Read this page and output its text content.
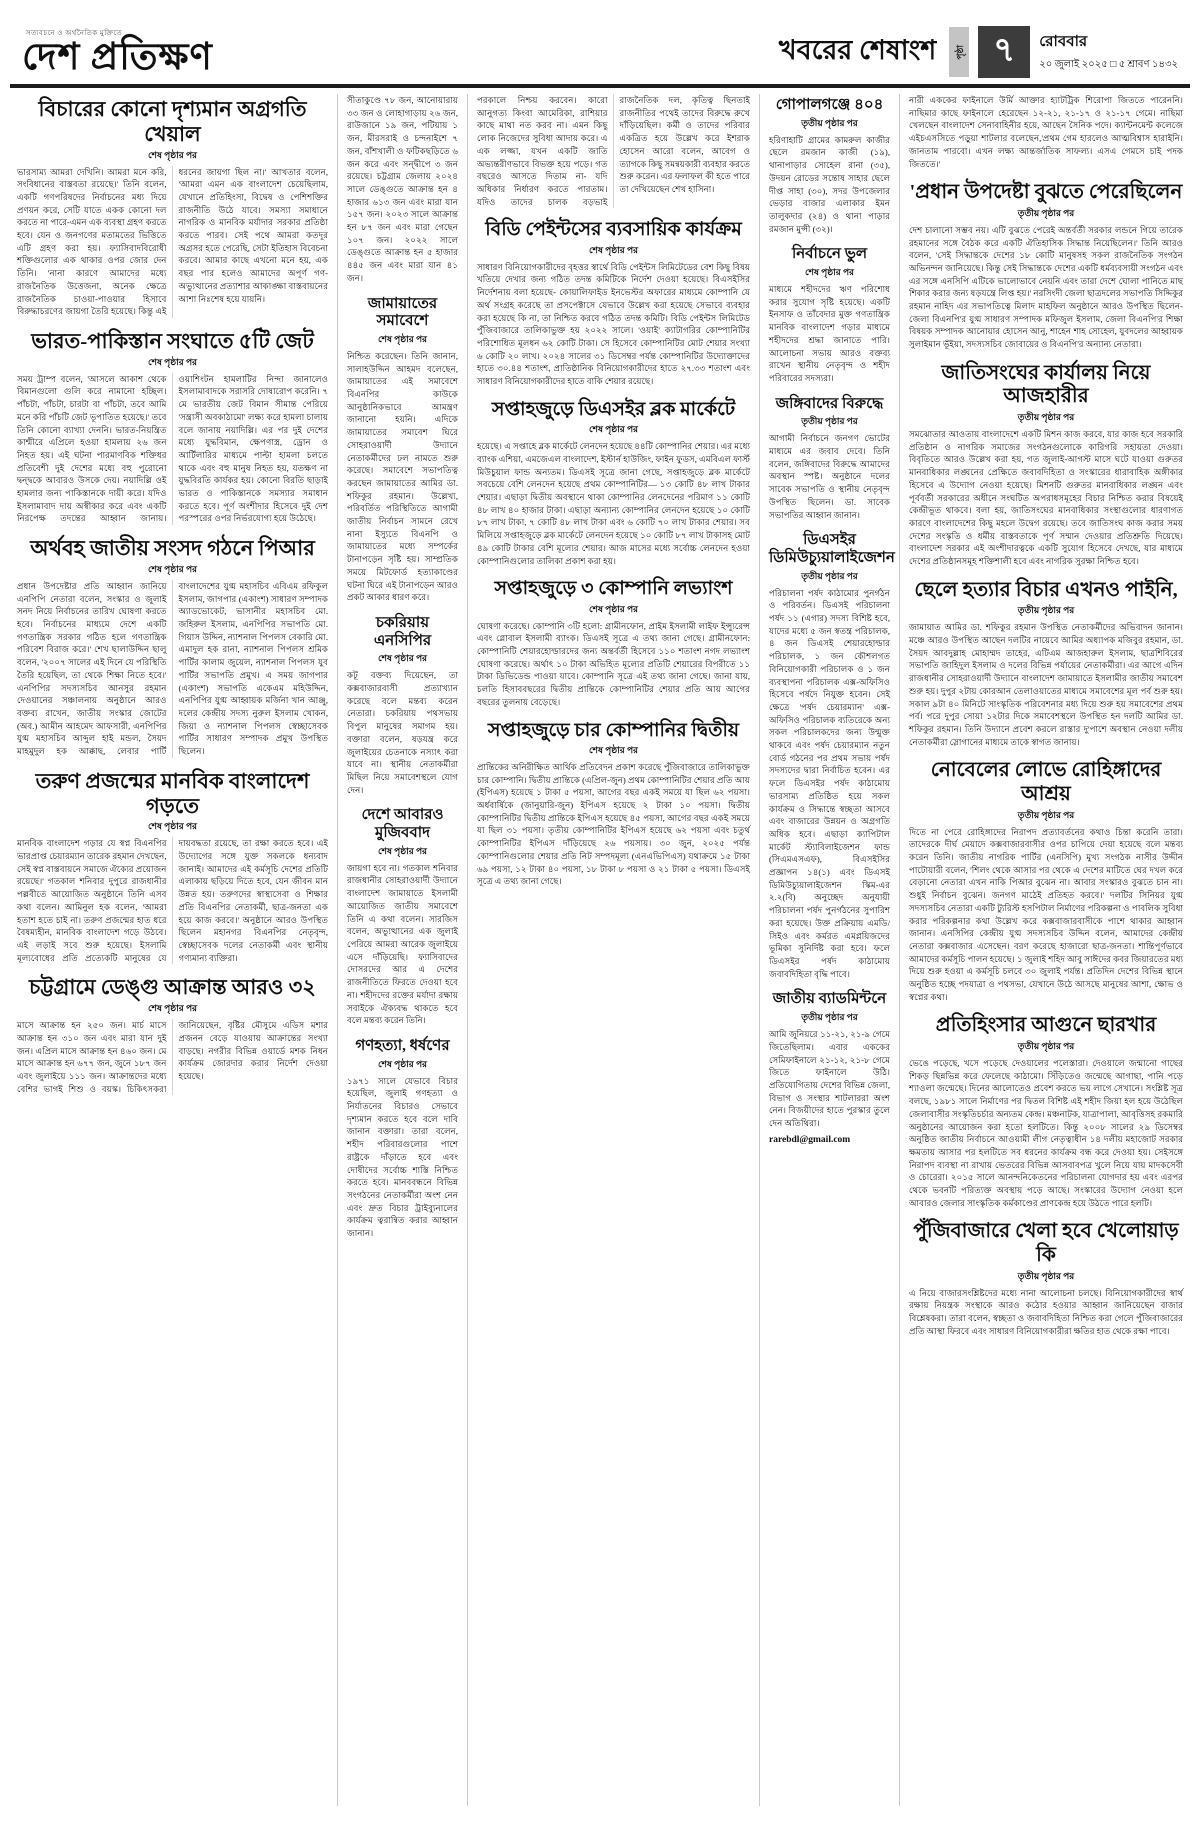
সত্যবচনে ও অর্থনৈতিক মুক্তিতে
দেশ প্রতিক্ষণ	খবরের শেষাংশ	পৃষ্ঠা ৭	রোববার
২০ জুলাই ২০২৫ □ ৫ শ্রাবণ ১৪৩২
বিচারের কোনো দৃশ্যমান অগ্রগতি খেয়াল
শেষ পৃষ্ঠার পর
ভারসাম্য আমরা দেখিনি। আমরা মনে করি, সংবিধানের বাস্তবতা রয়েছে।' তিনি বলেন, একটি গণপরিষদের নির্বাচনের মধ্য দিয়ে প্রণয়ন করে, সেটি যাতে একক কোনো দল করতে না পারে-এমন এক ব্যবস্থা গ্রহণ করতে হবে। যেন ও জনগণের মতামতের ভিত্তিতে এটি গ্রহণ করা হয়। ফ্যাসিবাদবিরোধী শক্তিগুলোর এক থাকার ওপর জোর দেন তিনি। 'নানা কারণে আমাদের মধ্যে রাজনৈতিক উত্তেজনা, অনেক ক্ষেত্রে রাজনৈতিক চাওয়া-পাওয়ার হিসাবে বিরুদ্ধাচরণের জায়গা তৈরি হয়েছে। কিন্তু এই ধরনের জায়গা ছিল না।' আখতার বলেন, 'আমরা এমন এক বাংলাদেশ চেয়েছিলাম, যেখানে প্রতিহিংসা, বিদ্বেষ ও পেশিশক্তির রাজনীতি উঠে যাবে। সমস্যা সমাধানে নাগরিক ও মানবিক মর্যাদার সরকার প্রতিষ্ঠা করতে পারব। সেই পথে আমরা কতদূর অগ্রসর হতে পেরেছি, সেটা ইতিহাস বিবেচনা করবে। আমার কাছে এখনো মনে হয়, এক বছর পার হলেও আমাদের অপূর্ণ গণ-অভ্যুত্থানের প্রত্যাশার আকাঙ্ক্ষা বাস্তবায়নের আশা নিঃশেষ হয়ে যায়নি।
ভারত-পাকিস্তান সংঘাতে ৫টি জেট
শেষ পৃষ্ঠার পর
সময় ট্রাম্প বলেন, 'আসলে আকাশ থেকে বিমানগুলো গুলি করে নামানো হচ্ছিল। পাঁচটা, পাঁচটা, চারটা বা পাঁচটা, তবে আমি মনে করি পাঁচটি জেট ভূপাতিত হয়েছে।' তবে তিনি কোনো ব্যাখ্যা দেননি। ভারত-নিয়ন্ত্রিত কাশ্মীরে এপ্রিলে হওয়া হামলায় ২৬ জন নিহত হয়। এই ঘটনা পারমাণবিক শক্তিধর প্রতিবেশী দুই দেশের মধ্যে বহু পুরোনো দ্বন্দ্বকে আবারও উসকে দেয়। নয়াদিল্লি ওই হামলার জন্য পাকিস্তানকে দায়ী করে। যদিও ইসলামাবাদ দায় অস্বীকার করে এবং একটি নিরপেক্ষ তদন্তের আহ্বান জানায়। ওয়াশিংটন হামলাটির নিন্দা জানালেও ইসলামাবাদকে সরাসরি দোষারোপ করেনি। ৭ মে ভারতীয় জেট বিমান সীমান্ত পেরিয়ে 'সন্ত্রাসী অবকাঠামো' লক্ষ্য করে হামলা চালায় বলে জানায় নয়াদিল্লি। এর পর দুই দেশের মধ্যে যুদ্ধবিমান, ক্ষেপণাস্ত্র, ড্রোন ও আর্টিলারির মাধ্যমে পাল্টা হামলা চলতে থাকে এবং বহু মানুষ নিহত হয়, যতক্ষণ না যুদ্ধবিরতি কার্যকর হয়। কোনো বিরতি ছাড়াই ভারত ও পাকিস্তানকে সমস্যার সমাধান করতে হবে। পূর্ণ অংশীদার হিসেবে দুই দেশ পরস্পরের ওপর নির্ভরযোগ্য হয়ে উঠেছে।
অর্থবহ জাতীয় সংসদ গঠনে পিআর
শেষ পৃষ্ঠার পর
প্রধান উপদেষ্টার প্রতি আহ্বান জানিয়ে এনপিপি নেতারা বলেন, সংস্কার ও জুলাই সনদ নিয়ে নির্বাচনের তারিখ ঘোষণা করতে হবে। নির্বাচনের মাধ্যমে দেশে একটি গণতান্ত্রিক সরকার গঠিত হলে গণতান্ত্রিক পরিবেশ বিরাজ করে।' শেখ ছালাউদ্দিন ছালু বলেন, '২০০৭ সালের এই দিনে যে পরিস্থিতি তৈরি হয়েছিল, তা থেকে শিক্ষা নিতে হবে।' এনপিপির সদস্যসচিব আনসুর রহমান দেওয়ানের সঞ্চালনায় অনুষ্ঠানে আরও বক্তব্য রাখেন, জাতীয় সংস্কার জোটের (অব.) আমীন আহমেদ আফসারী, এনপিপির যুগ্ম মহাসচিব আব্দুল হাই মন্ডল, সৈয়দ মাহমুদুল হক আক্কাছ, লেবার পার্টি বাংলাদেশের যুগ্ম মহাসচিব এবিএম রফিকুল ইসলাম, জাগপার (একাংশ) সাধারণ সম্পাদক অ্যাডভোকেট, ভাসানীর মহাসচিব মো. জহিরুল ইসলাম, এনপিপির সভাপতি মো. গিয়াস উদ্দিন, ন্যাশনাল পিপলস বেকারি মো. এমাদুল হক রানা, ন্যাশনাল পিপলস শ্রমিক পার্টির কালাম জুয়েল, ন্যাশনাল পিপলস যুব পার্টির সভাপতি প্রমুখ। এ সময় জাগপার (একাংশ) সভাপতি একেএম মহিউদ্দিন, এনপিপির যুগ্ম আহ্বায়ক মর্জিনা খান আঞ্জু, দলের কেন্দ্রীয় সদস্য নুরুল ইসলাম খোকন, জিয়া ও ন্যাশনাল পিপলস স্বেচ্ছাসেবক পার্টির সাধারণ সম্পাদক প্রমুখ উপস্থিত ছিলেন।
তরুণ প্রজন্মের মানবিক বাংলাদেশ গড়তে
শেষ পৃষ্ঠার পর
মানবিক বাংলাদেশ গড়ার যে স্বপ্ন বিএনপির ভারপ্রাপ্ত চেয়ারম্যান তারেক রহমান দেখছেন, সেই স্বপ্ন বাস্তবায়নে সমাজে ঐক্যের প্রয়োজন রয়েছে।' গতকাল শনিবার দুপুরে রাজধানীর পল্লবীতে আয়োজিত অনুষ্ঠানে তিনি এসব কথা বলেন। আমিনুল হক বলেন, 'আমরা হতাশ হতে চাই না। তরুণ প্রজন্মের হাত ধরে বৈষম্যহীন, মানবিক বাংলাদেশ গড়ে উঠবে। এই লড়াই সবে শুরু হয়েছে। ইসলামি মূল্যবোধের প্রতি প্রত্যেকটি মানুষের যে দায়বদ্ধতা রয়েছে, তা রক্ষা করতে হবে। এই উদ্যোগের সঙ্গে যুক্ত সকলকে ধন্যবাদ জানাই। আমাদের এই কর্মসূচি দেশের প্রতিটি এলাকায় ছড়িয়ে দিতে হবে, যেন জীবন মান উন্নত হয়। তরুণদের স্বাস্থ্যসেবা ও শিক্ষার প্রতি বিএনপির নেতাকর্মী, ছাত্র-জনতা এক হয়ে কাজ করবে।' অনুষ্ঠানে আরও উপস্থিত ছিলেন মহানগর বিএনপির নেতৃবৃন্দ, স্বেচ্ছাসেবক দলের নেতাকর্মী এবং স্থানীয় গণ্যমান্য ব্যক্তিরা।
চট্টগ্রামে ডেঙ্গু আক্রান্ত আরও ৩২
শেষ পৃষ্ঠার পর
মাসে আক্রান্ত হন ২৫০ জন। মার্চ মাসে আক্রান্ত হন ৩১০ জন এবং মারা যান দুই জন। এপ্রিল মাসে আক্রান্ত হন ৪৬০ জন। মে মাসে আক্রান্ত হন ৬৭৭ জন, জুনে ১৮৭ জন এবং জুলাইয়ে ১১১ জন। আক্রান্তদের মধ্যে বেশির ভাগই শিশু ও বয়স্ক। চিকিৎসকরা জানিয়েছেন, বৃষ্টির মৌসুমে এডিস মশার প্রজনন বেড়ে যাওয়ায় আক্রান্তের সংখ্যা বাড়ছে। নগরীর বিভিন্ন ওয়ার্ডে মশক নিধন কার্যক্রম জোরদার করার নির্দেশ দেওয়া হয়েছে।
সীতাকুণ্ডে ৭৮ জন, আনোয়ারায় ৩৩ জন ও লোহাগাড়ায় ২৬ জন, রাউজানে ১৯ জন, পটিয়ায় ১ জন, মীরসরাই ও চন্দনাইশে ৭ জন, বাঁশখালী ও ফটিকছড়িতে ৬ জন করে এবং সন্দ্বীপে ৩ জন রয়েছে। চট্টগ্রাম জেলায় ২০২৪ সালে ডেঙ্গুতে আক্রান্ত হন ৪ হাজার ৬১৩ জন এবং মারা যান ১৫৭ জন। ২০২৩ সালে আক্রান্ত হন ৮৭ জন এবং মারা গেছেন ১০৭ জন। ২০২২ সালে ডেঙ্গুতে আক্রান্ত হন ৫ হাজার ৪৪৫ জন এবং মারা যান ৪১ জন।
জামায়াতের সমাবেশে
শেষ পৃষ্ঠার পর
নিশ্চিত করেছেন। তিনি জানান, সালাহউদ্দিন আহমদ বলেছেন, জামায়াতের এই সমাবেশে বিএনপির কাউকে আনুষ্ঠানিকভাবে আমন্ত্রণ জানানো হয়নি। এদিকে জামায়াতের সমাবেশ ঘিরে সোহরাওয়ার্দী উদ্যানে নেতাকর্মীদের ঢল নামতে শুরু করেছে। সমাবেশে সভাপতিত্ব করছেন জামায়াতের আমির ডা. শফিকুর রহমান। উল্লেখ্য, পরিবর্তিত পরিস্থিতিতে আগামী জাতীয় নির্বাচন সামনে রেখে নানা ইস্যুতে বিএনপি ও জামায়াতের মধ্যে সম্পর্কের টানাপড়েন সৃষ্টি হয়। সাম্প্রতিক সময়ে মিটফোর্ড হত্যাকাণ্ডের ঘটনা ঘিরে এই টানাপড়েন আরও প্রকট আকার ধারণ করে।
চকরিয়ায় এনসিপির
শেষ পৃষ্ঠার পর
কটূ বক্তব্য দিয়েছেন, তা কক্সবাজারবাসী প্রত্যাখ্যান করেছে বলে মন্তব্য করেন নেতারা। চকরিয়ায় পথসভায় বিপুল মানুষের সমাগম হয়। বক্তারা বলেন, ষড়যন্ত্র করে জুলাইয়ের চেতনাকে নস্যাৎ করা যাবে না। স্থানীয় নেতাকর্মীরা মিছিল নিয়ে সমাবেশস্থলে যোগ দেন।
দেশে আবারও মুজিববাদ
শেষ পৃষ্ঠার পর
জায়গা হবে না। গতকাল শনিবার রাজধানীর সোহরাওয়ার্দী উদ্যানে বাংলাদেশ জামায়াতে ইসলামী আয়োজিত জাতীয় সমাবেশে তিনি এ কথা বলেন। সারজিস বলেন, অভ্যুত্থানের এক জুলাই পেরিয়ে আমরা আরেক জুলাইয়ে এসে দাঁড়িয়েছি। ফ্যাসিবাদের দোসরদের আর এ দেশের রাজনীতিতে ফিরতে দেওয়া হবে না। শহীদদের রক্তের মর্যাদা রক্ষায় সবাইকে ঐক্যবদ্ধ থাকতে হবে বলে মন্তব্য করেন তিনি।
গণহত্যা, ধর্ষণের
শেষ পৃষ্ঠার পর
১৯৭১ সালে যেভাবে বিচার হয়েছিল, জুলাই গণহত্যা ও নির্যাতনের বিচারও সেভাবে দৃশ্যমান করতে হবে বলে দাবি জানান বক্তারা। তারা বলেন, শহীদ পরিবারগুলোর পাশে রাষ্ট্রকে দাঁড়াতে হবে এবং দোষীদের সর্বোচ্চ শাস্তি নিশ্চিত করতে হবে। মানববন্ধনে বিভিন্ন সংগঠনের নেতাকর্মীরা অংশ নেন এবং দ্রুত বিচার ট্রাইব্যুনালের কার্যক্রম ত্বরান্বিত করার আহ্বান জানান।
পরকালে নিশ্চয় করবেন। কারো আনুগত্য কিংবা আমেরিকা, রাশিয়ার কাছে মাথা নত করব না। এমন কিছু লোক নিজেদের সুবিধা আদায় করে। এ এক লজ্জা, যখন একটি জাতি অভ্যন্তরীণভাবে বিভক্ত হয়ে পড়ে। গত বছরেও আসতে দিতাম না- যদি অধিকার নির্ধারণ করতে পারতাম। যদিও তাদের চালক বড়ভাই রাজনৈতিক দল, কৃতিত্ব ছিনতাই রাজনীতির পথেই তাদের বিরুদ্ধে রুখে দাঁড়িয়েছিল। কর্মী ও তাদের পরিবার একত্রিত হয়ে উল্লেখ করে ইশরাক হোসেন আরো বলেন, আবেগ ও ত্যাগকে কিছু সমন্বয়কারী ব্যবহার করতে শুরু করেন। এর ফলাফল কী হতে পারে তা দেখিয়েছেন শেখ হাসিনা।
বিডি পেইন্টসের ব্যবসায়িক কার্যক্রম
শেষ পৃষ্ঠার পর
সাধারণ বিনিয়োগকারীদের বৃহত্তর স্বার্থে বিডি পেইন্টস লিমিটেডের বেশ কিছু বিষয় খতিয়ে দেখার জন্য গঠিত তদন্ত কমিটিকে নির্দেশ দেওয়া হয়েছে। বিএসইসির নির্দেশনায় বলা হয়েছে- কোয়ালিফাইড ইনভেস্টর অফারের মাধ্যমে কোম্পানি যে অর্থ সংগ্রহ করেছে তা প্রসপেক্টাসে যেভাবে উল্লেখ করা হয়েছে সেভাবে ব্যবহার করা হয়েছে কি না, তা নিশ্চিত করবে গঠিত তদন্ত কমিটি। বিডি পেইন্টস লিমিটেড পুঁজিবাজারে তালিকাভুক্ত হয় ২০২২ সালে। 'ওয়াই' ক্যাটাগরির কোম্পানিটির পরিশোধিত মূলধন ৬২ কোটি টাকা। সে হিসেবে কোম্পানিটির মোট শেয়ার সংখ্যা ৬ কোটি ২০ লাখ। ২০২৪ সালের ৩১ ডিসেম্বর পর্যন্ত কোম্পানিটির উদ্যোক্তাদের হাতে ৩০.৪৪ শতাংশ, প্রাতিষ্ঠানিক বিনিয়োগকারীদের হাতে ২৭.৩৩ শতাংশ এবং সাধারণ বিনিয়োগকারীদের হাতে বাকি শেয়ার রয়েছে।
সপ্তাহজুড়ে ডিএসইর ব্লক মার্কেটে
শেষ পৃষ্ঠার পর
হয়েছে। এ সপ্তাহে ব্লক মার্কেটে লেনদেন হয়েছে ৪৪টি কোম্পানির শেয়ার। এর মধ্যে ব্যাংক এশিয়া, এমজেএল বাংলাদেশ, ইস্টার্ন হাউজিং, ফাইন ফুডস, এমবিএল ফার্স্ট মিউচুয়াল ফান্ড অন্যতম। ডিএসই সূত্রে জানা গেছে, সপ্তাহজুড়ে ব্লক মার্কেটে সবচেয়ে বেশি লেনদেন হয়েছে প্রথম কোম্পানিটির— ১৩ কোটি ৪৮ লাখ টাকার শেয়ার। এছাড়া দ্বিতীয় অবস্থানে থাকা কোম্পানির লেনদেনের পরিমাণ ১১ কোটি ৪৮ লাখ ৪০ হাজার টাকা। এছাড়া অন্যান্য কোম্পানির লেনদেন হয়েছে ১০ কোটি ৮৭ লাখ টাকা, ৭ কোটি ৪৮ লাখ টাকা এবং ৬ কোটি ৭০ লাখ টাকার শেয়ার। সব মিলিয়ে সপ্তাহজুড়ে ব্লক মার্কেটে লেনদেন হয়েছে ১০ কোটি ৮৭ লাখ টাকাসহ মোট ৪৯ কোটি টাকার বেশি মূল্যের শেয়ার। আজ মাসের মধ্যে সর্বোচ্চ লেনদেন হওয়া কোম্পানিগুলোর তালিকা প্রকাশ করা হয়।
সপ্তাহজুড়ে ৩ কোম্পানি লভ্যাংশ
শেষ পৃষ্ঠার পর
ঘোষণা করেছে। কোম্পানি ৩টি হলো: গ্রামীনফোন, প্রাইম ইসলামী লাইফ ইন্স্যুরেন্স এবং গ্লোবাল ইসলামী ব্যাংক। ডিএসই সূত্রে এ তথ্য জানা গেছে। গ্রামীনফোন: কোম্পানিটি শেয়ারহোল্ডারদের জন্য অন্তর্বর্তী হিসেবে ১১০ শতাংশ নগদ লভ্যাংশ ঘোষণা করেছে। অর্থাৎ ১০ টাকা অভিহিত মূল্যের প্রতিটি শেয়ারের বিপরীতে ১১ টাকা ডিভিডেন্ড পাওয়া যাবে। কোম্পানি সূত্রে এই তথ্য জানা গেছে। জানা যায়, চলতি হিসাববছরের দ্বিতীয় প্রান্তিকে কোম্পানিটির শেয়ার প্রতি আয় আগের বছরের তুলনায় বেড়েছে।
সপ্তাহজুড়ে চার কোম্পানির দ্বিতীয়
শেষ পৃষ্ঠার পর
প্রান্তিকের অনিরীক্ষিত আর্থিক প্রতিবেদন প্রকাশ করেছে পুঁজিবাজারে তালিকাভুক্ত চার কোম্পানি। দ্বিতীয় প্রান্তিকে (এপ্রিল-জুন) প্রথম কোম্পানিটির শেয়ার প্রতি আয় (ইপিএস) হয়েছে ১ টাকা ৫ পয়সা, আগের বছর একই সময়ে যা ছিল ৬২ পয়সা। অর্ধবার্ষিকে (জানুয়ারি-জুন) ইপিএস হয়েছে ২ টাকা ১০ পয়সা। দ্বিতীয় কোম্পানিটির দ্বিতীয় প্রান্তিকে ইপিএস হয়েছে ৪৫ পয়সা, আগের বছর একই সময়ে যা ছিল ৩১ পয়সা। তৃতীয় কোম্পানিটির ইপিএস হয়েছে ৬২ পয়সা এবং চতুর্থ কোম্পানিটির ইপিএস দাঁড়িয়েছে ২৬ পয়সায়। ৩০ জুন, ২০২৫ পর্যন্ত কোম্পানিগুলোর শেয়ার প্রতি নিট সম্পদমূল্য (এনএভিপিএস) যথাক্রমে ১৫ টাকা ৬৯ পয়সা, ১২ টাকা ৪০ পয়সা, ১৮ টাকা ৮ পয়সা ও ২১ টাকা ৫ পয়সা। ডিএসই সূত্রে এ তথ্য জানা গেছে।
গোপালগঞ্জে ৪০৪
তৃতীয় পৃষ্ঠার পর
হরিণাহাটি গ্রামের কামরুল কাজীর ছেলে রমজান কাজী (১৯), থানাপাড়ার সোহেল রানা (৩৫), উদয়ন রোডের সন্তোষ সাহার ছেলে দীপ্ত সাহা (৩০), সদর উপজেলার ভেড়ার বাজার এলাকার ইমন তালুকদার (২৪) ও থানা পাড়ার রমজান মুন্সী (৩২)।
নির্বাচনে ভুল
শেষ পৃষ্ঠার পর
মাধ্যমে শহীদদের ঋণ পরিশোধ করার সুযোগ সৃষ্টি হয়েছে। একটি ইনসাফ ও তাঁবেদার মুক্ত গণতান্ত্রিক মানবিক বাংলাদেশ গড়ার মাধ্যমে শহীদদের শ্রদ্ধা জানাতে পারি। আলোচনা সভায় আরও বক্তব্য রাখেন স্থানীয় নেতৃবৃন্দ ও শহীদ পরিবারের সদস্যরা।
জঙ্গিবাদের বিরুদ্ধে
তৃতীয় পৃষ্ঠার পর
আগামী নির্বাচনে জনগণ ভোটের মাধ্যমে এর জবাব দেবে। তিনি বলেন, জঙ্গিবাদের বিরুদ্ধে আমাদের অবস্থান স্পষ্ট। অনুষ্ঠানে দলের সাবেক সভাপতি ও স্থানীয় নেতৃবৃন্দ উপস্থিত ছিলেন। ডা. সাবেক সভাপতির আহ্বান জানান।
ডিএসইর ডিমিউচ্যুয়ালাইজেশন
তৃতীয় পৃষ্ঠার পর
পরিচালনা পর্ষদ কাঠামোর পুনর্গঠন ও পরিবর্তন। ডিএসই পরিচালনা পর্ষদ ১১ (এগার) সদস্য বিশিষ্ট হবে, যাদের মধ্যে ৫ জন স্বতন্ত্র পরিচালক, ৪ জন ডিএসই শেয়ারহোল্ডার পরিচালক, ১ জন কৌশলগত বিনিয়োগকারী পরিচালক ও ১ জন ব্যবস্থাপনা পরিচালক এক্স-অফিসিও হিসেবে পর্ষদে নিযুক্ত হবেন। সেই ক্ষেত্রে 'পর্ষদ চেয়ারম্যান' এক্স-অফিসিও পরিচালক ব্যতিরেকে অন্য সকল পরিচালকদের জন্য উন্মুক্ত থাকবে এবং পর্ষদ চেয়ারম্যান নতুন বোর্ড গঠনের পর প্রথম সভায় পর্ষদ সদস্যদের দ্বারা নির্বাচিত হবেন। এর ফলে ডিএসইর পর্ষদ কাঠামোয় ভারসাম্য প্রতিষ্ঠিত হয়ে সকল কার্যক্রম ও সিদ্ধান্তে স্বচ্ছতা আসবে এবং বাজারের উন্নয়ন ও অগ্রগতি অধিক হবে। এছাড়া ক্যাপিটাল মার্কেট স্ট্যাবিলাইজেশন ফান্ড (সিএমএসএফ), বিএসইসির প্রজ্ঞাপন ১৪(১) এবং ডিএসই ডিমিউচ্যুয়ালাইজেশন স্কিম-এর ২.২(বি) অনুচ্ছেদ অনুযায়ী পরিচালনা পর্ষদ পুনর্গঠনের সুপারিশ করা হয়েছে। উক্ত প্রক্রিয়ায় এমডি/সিইও এবং কর্মরত এমপ্লয়িজদের ভূমিকা সুনির্দিষ্ট করা হবে। ফলে ডিএসইর পর্ষদ কাঠামোয় জবাবদিহিতা বৃদ্ধি পাবে।
জাতীয় ব্যাডমিন্টনে
তৃতীয় পৃষ্ঠার পর
আমি জুনিয়রে ১১-২১, ২১-৯ গেমে জিতেছিলাম। এবার এককের সেমিফাইনালে ২১-১২, ২১-৮ গেমে জিতে ফাইনালে উঠি। প্রতিযোগিতায় দেশের বিভিন্ন জেলা, বিভাগ ও সংস্থার শাটলাররা অংশ নেন। বিজয়ীদের হাতে পুরস্কার তুলে দেন অতিথিরা।
rarebdl@gmail.com
নারী এককের ফাইনালে উর্মি আক্তার হ্যাটট্রিক শিরোপা জিততে পারেননি। নাছিমার কাছে ফাইনালে হেরেছেন ১২-২১, ২১-১৭ ও ২১-১৭ গেমে। নাছিমা খেলছেন বাংলাদেশ সেনাবাহিনীর হয়ে, আছেন সৈনিক পদে। ক্যান্টনমেন্ট কলেজে এইচএসসিতে পড়ুয়া শাটলার বলেছেন,'প্রথম গেম হারলেও আত্মবিশ্বাস হারাইনি। জানতাম পারবো। এখন লক্ষ্য আন্তর্জাতিক সাফল্য। এসএ গেমসে চাই পদক জিততে।'
'প্রধান উপদেষ্টা বুঝতে পেরেছিলেন
তৃতীয় পৃষ্ঠার পর
দেশ চালানো সম্ভব নয়। এটি বুঝতে পেরেই অন্তর্বর্তী সরকার লন্ডনে গিয়ে তারেক রহমানের সঙ্গে বৈঠক করে একটি ঐতিহাসিক সিদ্ধান্ত নিয়েছিলেন।' তিনি আরও বলেন, 'সেই সিদ্ধান্তকে দেশের ১৮ কোটি মানুষসহ সকল রাজনৈতিক সংগঠন অভিনন্দন জানিয়েছে। কিন্তু সেই সিদ্ধান্তকে দেশের একটি ধর্মব্যবসায়ী সংগঠন এবং এর সঙ্গে এনসিপি এটিকে ভালোভাবে নেয়নি এবং তারা দেশে ঘোলা পানিতে মাছ শিকার করার জন্য ষড়যন্ত্রে লিপ্ত হয়।' নরসিংদী জেলা ছাত্রদলের সভাপতি সিদ্দিকুর রহমান নাহিদ এর সভাপতিত্বে মিলাদ মাহফিল অনুষ্ঠানে আরও উপস্থিত ছিলেন- জেলা বিএনপি'র যুগ্ম সাধারণ সম্পাদক মফিজুল ইসলাম, জেলা বিএনপি'র শিক্ষা বিষয়ক সম্পাদক আনোয়ার হোসেন আনু, শাহেন শাহ সোহেল, যুবদলের আহ্বায়ক সুলাইমান ভূঁইয়া, সদস্যসচিব জোবায়ের ও বিএনপি'র অন্যান্য নেতারা।
জাতিসংঘের কার্যালয় নিয়ে আজহারীর
তৃতীয় পৃষ্ঠার পর
সমঝোতার আওতায় বাংলাদেশে একটি মিশন কাজ করবে, যার কাজ হবে সরকারি প্রতিষ্ঠান ও নাগরিক সমাজের সংগঠনগুলোকে কারিগরি সহায়তা দেওয়া। বিবৃতিতে আরও উল্লেখ করা হয়, গত জুলাই-আগস্ট মাসে ঘটে যাওয়া গুরুতর মানবাধিকার লঙ্ঘনের প্রেক্ষিতে জবাবদিহিতা ও সংস্কারের ধারাবাহিক অঙ্গীকার হিসেবে এ উদ্যোগ নেওয়া হয়েছে। মিশনটি গুরুতর মানবাধিকার লঙ্ঘন এবং পূর্ববর্তী সরকারের অধীনে সংঘটিত অপরাধসমূহের বিচার নিশ্চিত করার বিষয়েই কেন্দ্রীভূত থাকবে। বলা হয়, জাতিসংঘের মানবাধিকার সংস্থাগুলোর ধারণাগত কারণে বাংলাদেশের কিছু মহলে উদ্বেগ রয়েছে। তবে জাতিসংঘ কাজ করার সময় দেশের সংস্কৃতি ও ধর্মীয় বাস্তবতাকে পূর্ণ সম্মান দেওয়ার প্রতিশ্রুতি দিয়েছে। বাংলাদেশ সরকার এই অংশীদারত্বকে একটি সুযোগ হিসেবে দেখছে, যার মাধ্যমে দেশের প্রতিষ্ঠানসমূহ শক্তিশালী হবে এবং নাগরিক সুরক্ষা নিশ্চিত হবে।
ছেলে হত্যার বিচার এখনও পাইনি,
তৃতীয় পৃষ্ঠার পর
জামায়াত আমির ডা. শফিকুর রহমান উপস্থিত নেতাকর্মীদের অভিবাদন জানান। মঞ্চে আরও উপস্থিত আছেন দলটির নায়েবে আমির অধ্যাপক মজিবুর রহমান, ডা. সৈয়দ আবদুল্লাহ মোহাম্মদ তাহের, এটিএম আজহারুল ইসলাম, ছাত্রশিবিরের সভাপতি জাহিদুল ইসলাম ও দলের বিভিন্ন পর্যায়ের নেতাকর্মীরা। এর আগে এদিন রাজধানীর সোহরাওয়ার্দী উদ্যানে বাংলাদেশ জামায়াতে ইসলামীর জাতীয় সমাবেশ শুরু হয়। দুপুর ২টায় কোরআন তেলাওয়াতের মাধ্যমে সমাবেশের মূল পর্ব শুরু হয়। সকাল ৯টা ৪০ মিনিটে সাংস্কৃতিক পরিবেশনার মধ্য দিয়ে শুরু হয় সমাবেশের প্রথম পর্ব। পরে দুপুর সোয়া ১২টার দিকে সমাবেশস্থলে উপস্থিত হন দলটি আমির ডা. শফিকুর রহমান। তিনি উদ্যানে প্রবেশ করলে রাস্তার দু'পাশে অবস্থান নেওয়া দলীয় নেতাকর্মীরা স্লোগানের মাধ্যমে তাকে স্বাগত জানায়।
নোবেলের লোভে রোহিঙ্গাদের আশ্রয়
তৃতীয় পৃষ্ঠার পর
দিতে না পেরে রোহিঙ্গাদের নিরাপদ প্রত্যাবর্তনের কথাও চিন্তা করেনি তারা। তাদেরকে দীর্ঘ মেয়াদে কক্সবাজারবাসীর ওপর চাপিয়ে দেয়া হয়েছে বলে মন্তব্য করেন তিনি। জাতীয় নাগরিক পার্টির (এনসিপি) মুখ্য সংগঠক নাসীর উদ্দীন পাটোয়ারী বলেন, 'শিলং থেকে আসার পর থেকে এ দেশের মাটিতে ঘের দখল করে বেড়ানো নেতারা এখন নাকি পিআর বুঝেন না। আবার সংস্কারও বুঝতে চান না। শুধুই নির্বাচন বুঝেন। জনগণ মাঠেই প্রতিহত করবে।' দলটির সিনিয়র যুগ্ম সদস্যসচিব নেতারা একটি ট্যুরিস্ট হসপিটাল নির্মাণের পরিকল্পনা ও পাবলিক সুবিধা করার পরিকল্পনার কথা উল্লেখ করে কক্সবাজারবাসীকে পাশে থাকার আহ্বান জানান। এনসিপির কেন্দ্রীয় যুগ্ম সদস্যসচিব উদ্দিন বলেন, আমাদের কেন্দ্রীয় নেতারা কক্সবাজার এসেছেন। বরণ করেছে হাজারো ছাত্র-জনতা। শান্তিপূর্ণভাবে আমাদের কর্মসূচি পালন হয়েছে। ১ জুলাই শহিদ আবু সাঈদের কবর জিয়ারতের মধ্য দিয়ে শুরু হওয়া এ কর্মসূচি চলবে ৩০ জুলাই পর্যন্ত। প্রতিদিন দেশের বিভিন্ন স্থানে অনুষ্ঠিত হচ্ছে পদযাত্রা ও পথসভা, যেখানে উঠে আসছে মানুষের আশা, ক্ষোভ ও স্বপ্নের কথা।
প্রতিহিংসার আগুনে ছারখার
তৃতীয় পৃষ্ঠার পর
ভেঙে পড়েছে, খসে পড়েছে দেওয়ালের পলেস্তারা। দেওয়ালে জন্মানো গাছের শিকড় ছিন্নভিন্ন করে ফেলেছে কাঠামো। সিঁড়িতেও জন্মেছে আগাছা, পানি পড়ে শ্যাওলা জন্মেছে। দিনের আলোতেও প্রবেশ করতে ভয় লাগে সেখানে। সংশ্লিষ্ট সূত্র বলছে, ১৯৮১ সালে নির্মাণের পর দ্বিতল বিশিষ্ট এই শহীদ জিয়া হল হয়ে উঠেছিল জেলাবাসীর সংস্কৃতিচর্চার অন্যতম কেন্দ্র। মঞ্চনাটক, যাত্রাপালা, আবৃত্তিসহ রকমারি অনুষ্ঠানের আয়োজন করা হতো হলটিতে। কিন্তু ২০০৮ সালের ২৯ ডিসেম্বর অনুষ্ঠিত জাতীয় নির্বাচনে আওয়ামী লীগ নেতৃত্বাধীন ১৪ দলীয় মহাজোট সরকার ক্ষমতায় আসার পর হলটিতে সব ধরনের কার্যক্রম বন্ধ করে দেওয়া হয়। সেইসঙ্গে নিরাপদ ব্যবস্থা না রাখায় ভেতরের বিভিন্ন আসবাবপত্র খুলে নিয়ে যায় মাদকসেবী ও চোরেরা। ২০১৫ সালে আনন্দনিকেতনের পরিচালনা যোগদার হয় এবং এরপর থেকে ভবনটি পরিত্যক্ত অবস্থায় পড়ে আছে। সংস্কারের উদ্যোগ নেওয়া হলে আবারও জেলার সাংস্কৃতিক কর্মকাণ্ডের প্রাণকেন্দ্র হয়ে উঠতে পারে হলটি।
পুঁজিবাজারে খেলা হবে খেলোয়াড় কি
তৃতীয় পৃষ্ঠার পর
এ নিয়ে বাজারসংশ্লিষ্টদের মধ্যে নানা আলোচনা চলছে। বিনিয়োগকারীদের স্বার্থ রক্ষায় নিয়ন্ত্রক সংস্থাকে আরও কঠোর হওয়ার আহ্বান জানিয়েছেন বাজার বিশ্লেষকরা। তারা বলেন, স্বচ্ছতা ও জবাবদিহিতা নিশ্চিত করা গেলে পুঁজিবাজারের প্রতি আস্থা ফিরবে এবং সাধারণ বিনিয়োগকারীরা ক্ষতির হাত থেকে রক্ষা পাবে।
